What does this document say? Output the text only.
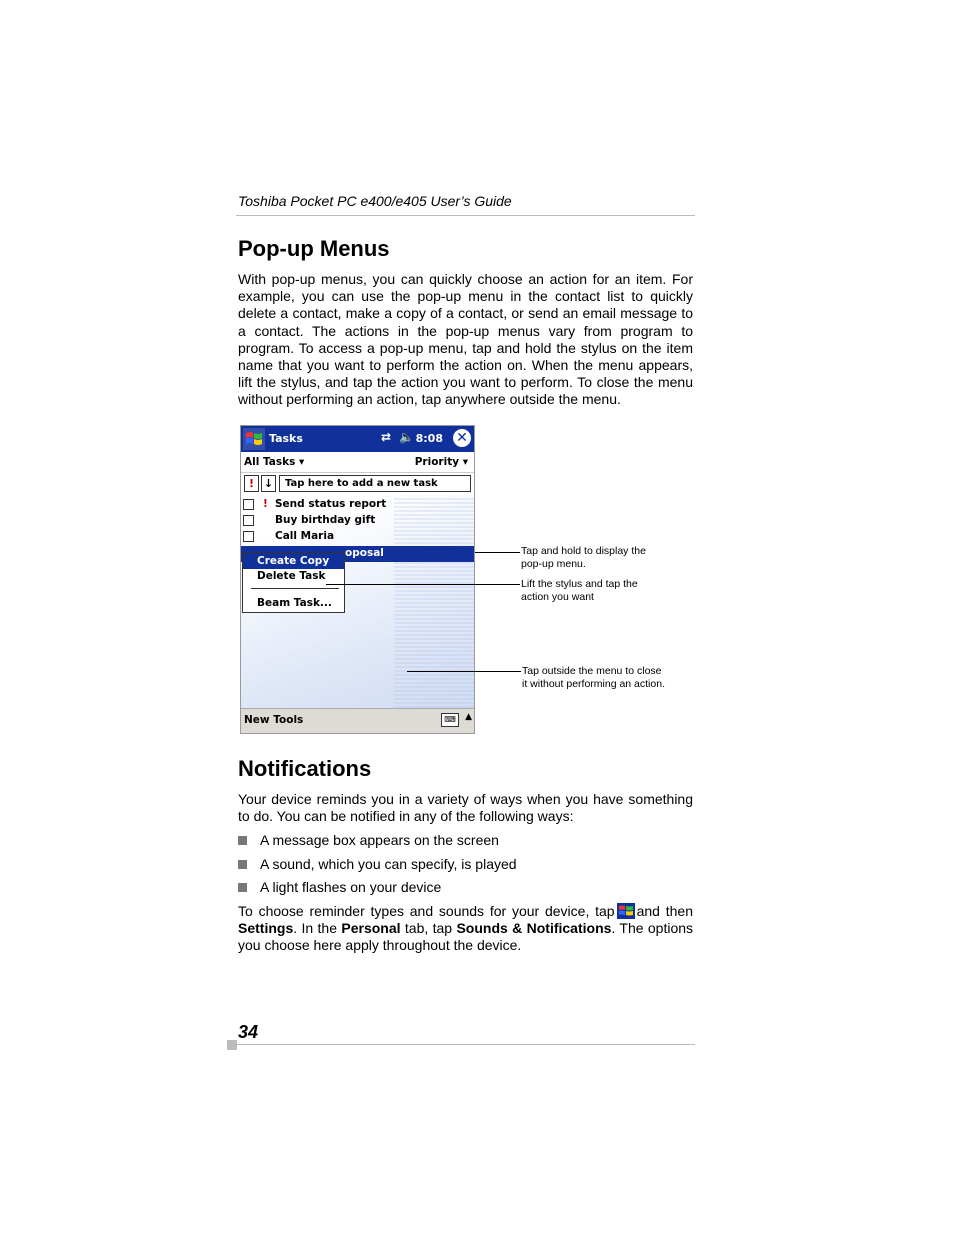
Toshiba Pocket PC e400/e405 User’s Guide
Pop-up Menus

With pop-up menus, you can quickly choose an action for an item. For example, you can use the pop-up menu in the contact list to quickly delete a contact, make a copy of a contact, or send an email message to a contact. The actions in the pop-up menus vary from program to program. To access a pop-up menu, tap and hold the stylus on the item name that you want to perform the action on. When the menu appears, lift the stylus, and tap the action you want to perform. To close the menu without performing an action, tap anywhere outside the menu.

Tasks	⇄ 🔈 8:08 ✕
All Tasks ▾	Priority ▾
! ↓	Tap here to add a new task
! Send status report
Buy birthday gift
Call Maria
oposal
Create Copy
Delete Task
Beam Task...
New Tools	⌨	▲
Tap and hold to display the
pop-up menu.
Lift the stylus and tap the
action you want
Tap outside the menu to close
it without performing an action.
Notifications

Your device reminds you in a variety of ways when you have something to do. You can be notified in any of the following ways:

A message box appears on the screen
A sound, which you can specify, is played
A light flashes on your device

To choose reminder types and sounds for your device, tap and then Settings. In the Personal tab, tap Sounds & Notifications. The options you choose here apply throughout the device.

34
